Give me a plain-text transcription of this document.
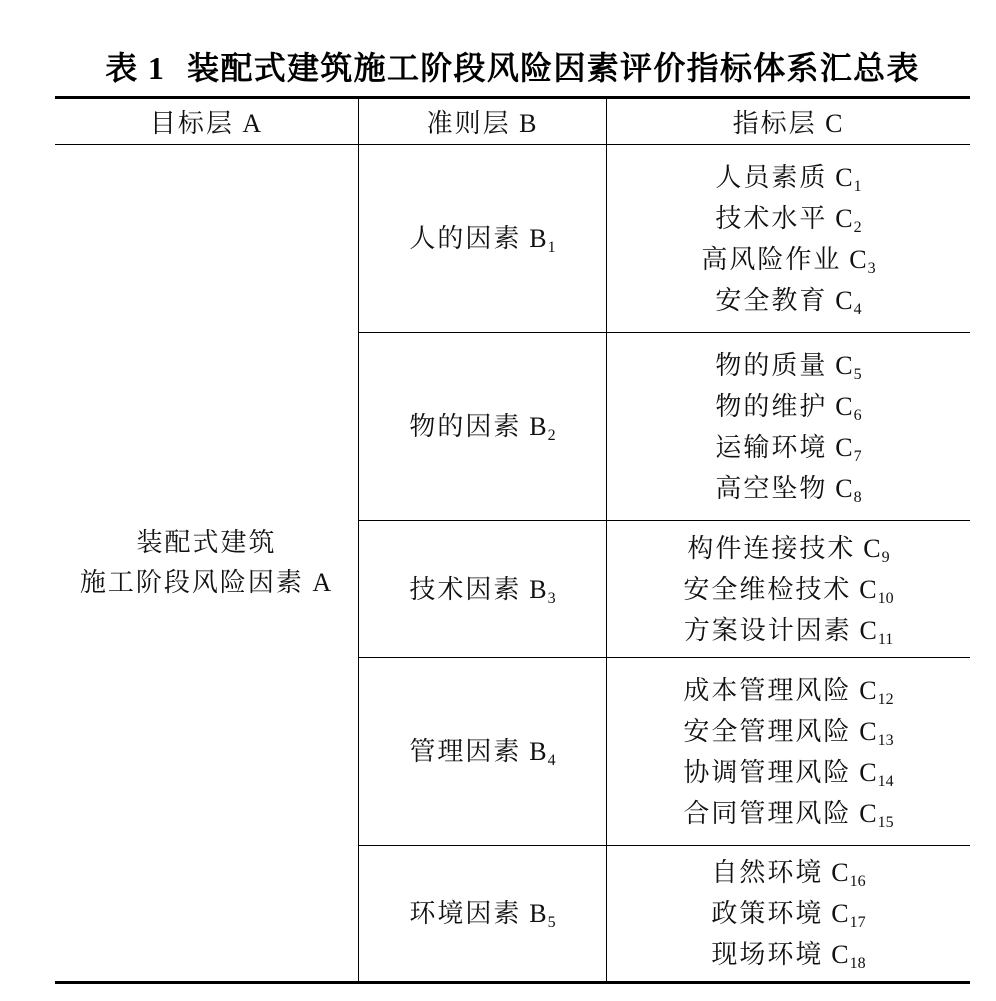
表 1 装配式建筑施工阶段风险因素评价指标体系汇总表
目标层 A	准则层 B	指标层 C
装配式建筑
施工阶段风险因素 A
人的因素 $B_1$
人员素质 $C_1$
技术水平 $C_2$
高风险作业 $C_3$
安全教育 $C_4$
物的因素 $B_2$
物的质量 $C_5$
物的维护 $C_6$
运输环境 $C_7$
高空坠物 $C_8$
技术因素 $B_3$
构件连接技术 $C_9$
安全维检技术 $C_{10}$
方案设计因素 $C_{11}$
管理因素 $B_4$
成本管理风险 $C_{12}$
安全管理风险 $C_{13}$
协调管理风险 $C_{14}$
合同管理风险 $C_{15}$
环境因素 $B_5$
自然环境 $C_{16}$
政策环境 $C_{17}$
现场环境 $C_{18}$
